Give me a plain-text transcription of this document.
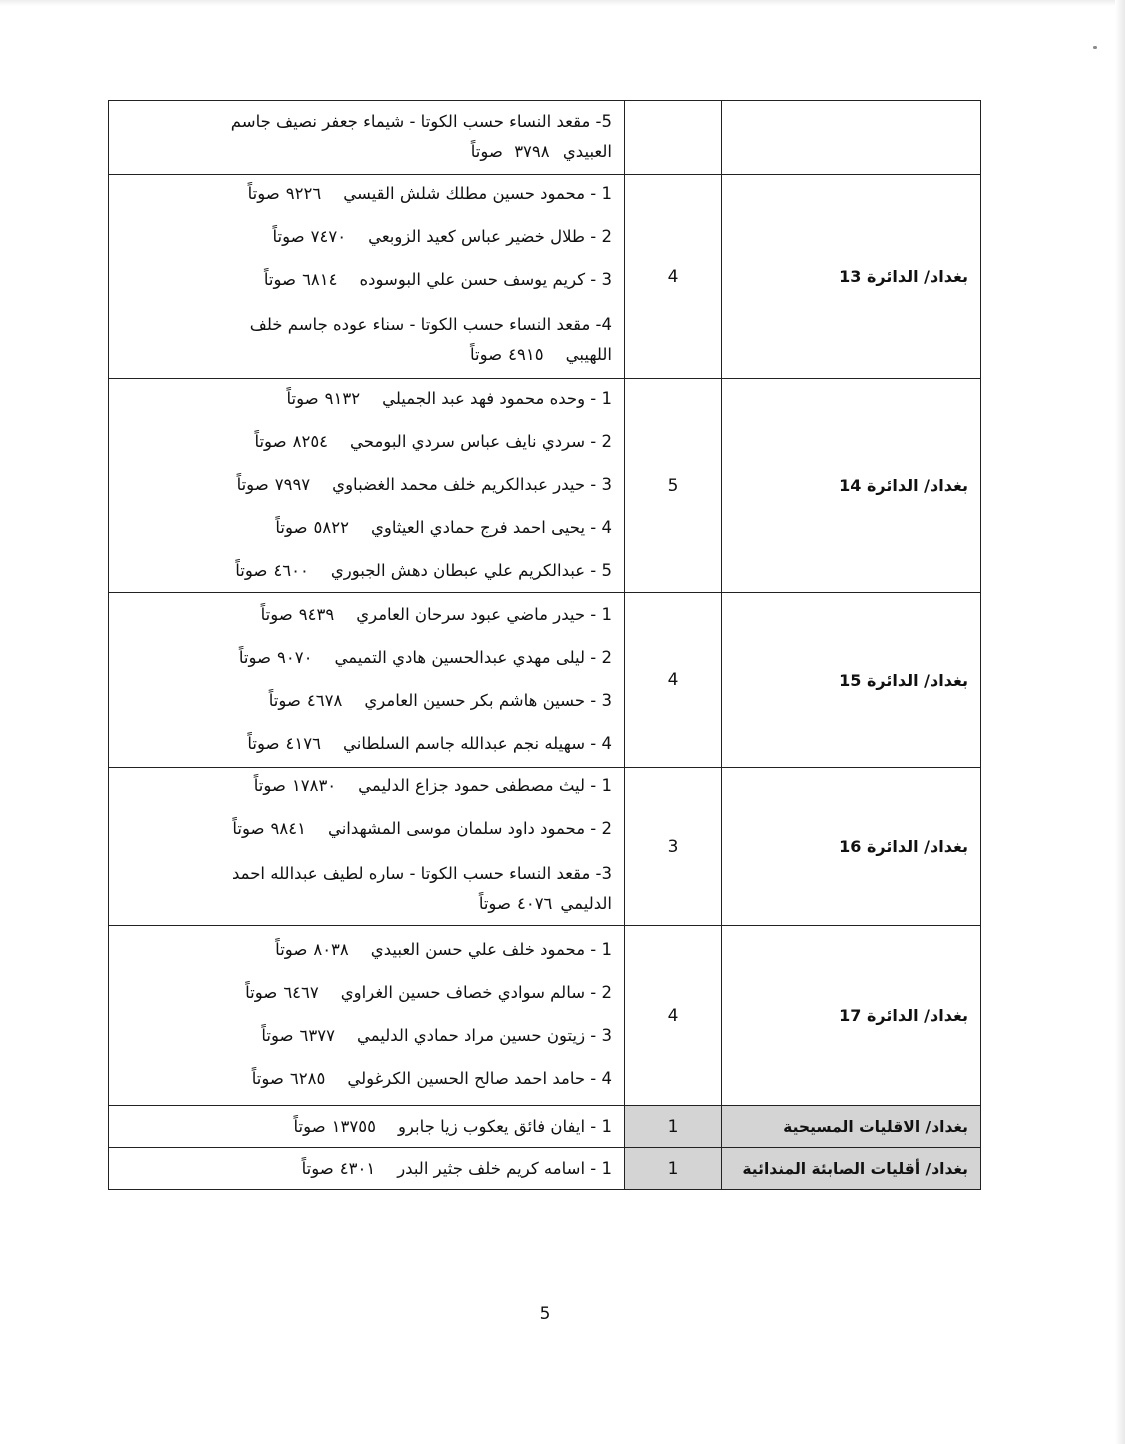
		5- مقعد النساء حسب الكوتا - شيماء جعفر نصيف جاسم العبيدي ٣٧٩٨ صوتاً

بغداد/ الدائرة 13	4	1 - محمود حسين مطلك شلش القيسي٩٢٢٦صوتاً
2 - طلال خضير عباس كعيد الزوبعي٧٤٧٠صوتاً
3 - كريم يوسف حسن علي البوسوده٦٨١٤صوتاً
4- مقعد النساء حسب الكوتا - سناء عوده جاسم خلف اللهيبي٤٩١٥صوتاً

بغداد/ الدائرة 14	5	1 - وحده محمود فهد عبد الجميلي٩١٣٢صوتاً
2 - سردي نايف عباس سردي البومحي٨٢٥٤صوتاً
3 - حيدر عبدالكريم خلف محمد الغضباوي٧٩٩٧صوتاً
4 - يحيى احمد فرج حمادي العيثاوي٥٨٢٢صوتاً
5 - عبدالكريم علي عبطان دهش الجبوري٤٦٠٠صوتاً

بغداد/ الدائرة 15	4	1 - حيدر ماضي عبود سرحان العامري٩٤٣٩صوتاً
2 - ليلى مهدي عبدالحسين هادي التميمي٩٠٧٠صوتاً
3 - حسين هاشم بكر حسين العامري٤٦٧٨صوتاً
4 - سهيله نجم عبدالله جاسم السلطاني٤١٧٦صوتاً

بغداد/ الدائرة 16	3	1 - ليث مصطفى حمود جزاع الدليمي١٧٨٣٠صوتاً
2 - محمود داود سلمان موسى المشهداني٩٨٤١صوتاً
3- مقعد النساء حسب الكوتا - ساره لطيف عبدالله احمد الدليمي٤٠٧٦صوتاً

بغداد/ الدائرة 17	4	1 - محمود خلف علي حسن العبيدي٨٠٣٨صوتاً
2 - سالم سوادي خصاف حسين الغراوي٦٤٦٧صوتاً
3 - زيتون حسين مراد حمادي الدليمي٦٣٧٧صوتاً
4 - حامد احمد صالح الحسين الكرغولي٦٢٨٥صوتاً

بغداد/ الاقليات المسيحية	1	1 - ايفان فائق يعكوب زيا جابرو١٣٧٥٥صوتاً

بغداد/ أقليات الصابئة المندائية	1	1 - اسامه كريم خلف جثير البدر٤٣٠١صوتاً
5
